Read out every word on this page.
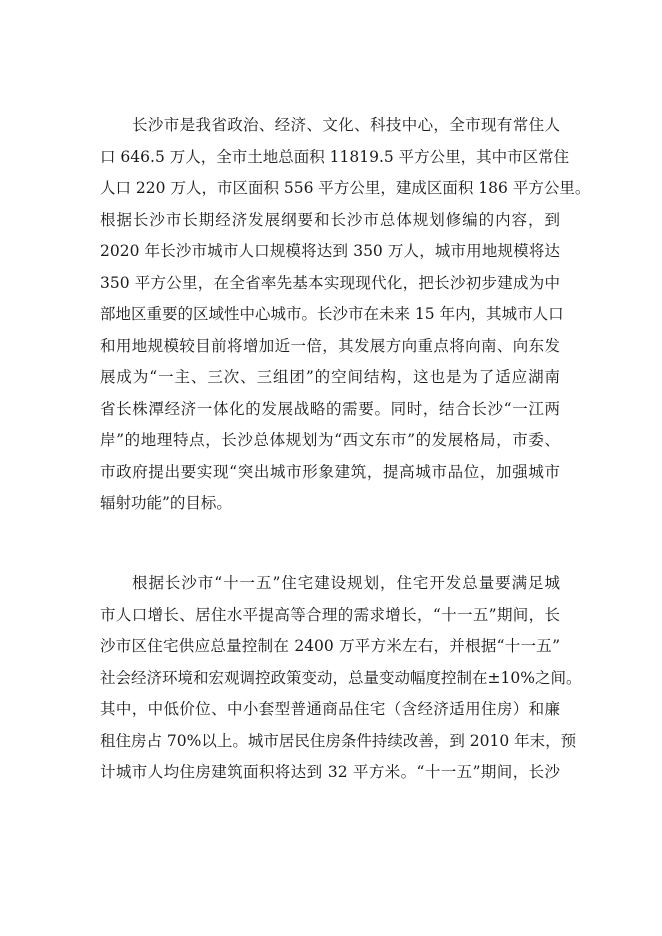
长沙市是我省政治、经济、文化、科技中心，全市现有常住人
口 646.5 万人，全市土地总面积 11819.5 平方公里，其中市区常住
人口 220 万人，市区面积 556 平方公里，建成区面积 186 平方公里。
根据长沙市长期经济发展纲要和长沙市总体规划修编的内容，到
2020 年长沙市城市人口规模将达到 350 万人，城市用地规模将达
350 平方公里，在全省率先基本实现现代化，把长沙初步建成为中
部地区重要的区域性中心城市。长沙市在未来 15 年内，其城市人口
和用地规模较目前将增加近一倍，其发展方向重点将向南、向东发
展成为“一主、三次、三组团”的空间结构，这也是为了适应湖南
省长株潭经济一体化的发展战略的需要。同时，结合长沙“一江两
岸”的地理特点，长沙总体规划为“西文东市”的发展格局，市委、
市政府提出要实现“突出城市形象建筑，提高城市品位，加强城市
辐射功能”的目标。
根据长沙市“十一五”住宅建设规划，住宅开发总量要满足城
市人口增长、居住水平提高等合理的需求增长，“十一五”期间，长
沙市区住宅供应总量控制在 2400 万平方米左右，并根据“十一五”
社会经济环境和宏观调控政策变动，总量变动幅度控制在±10%之间。
其中，中低价位、中小套型普通商品住宅（含经济适用住房）和廉
租住房占 70%以上。城市居民住房条件持续改善，到 2010 年末，预
计城市人均住房建筑面积将达到 32 平方米。“十一五”期间，长沙
